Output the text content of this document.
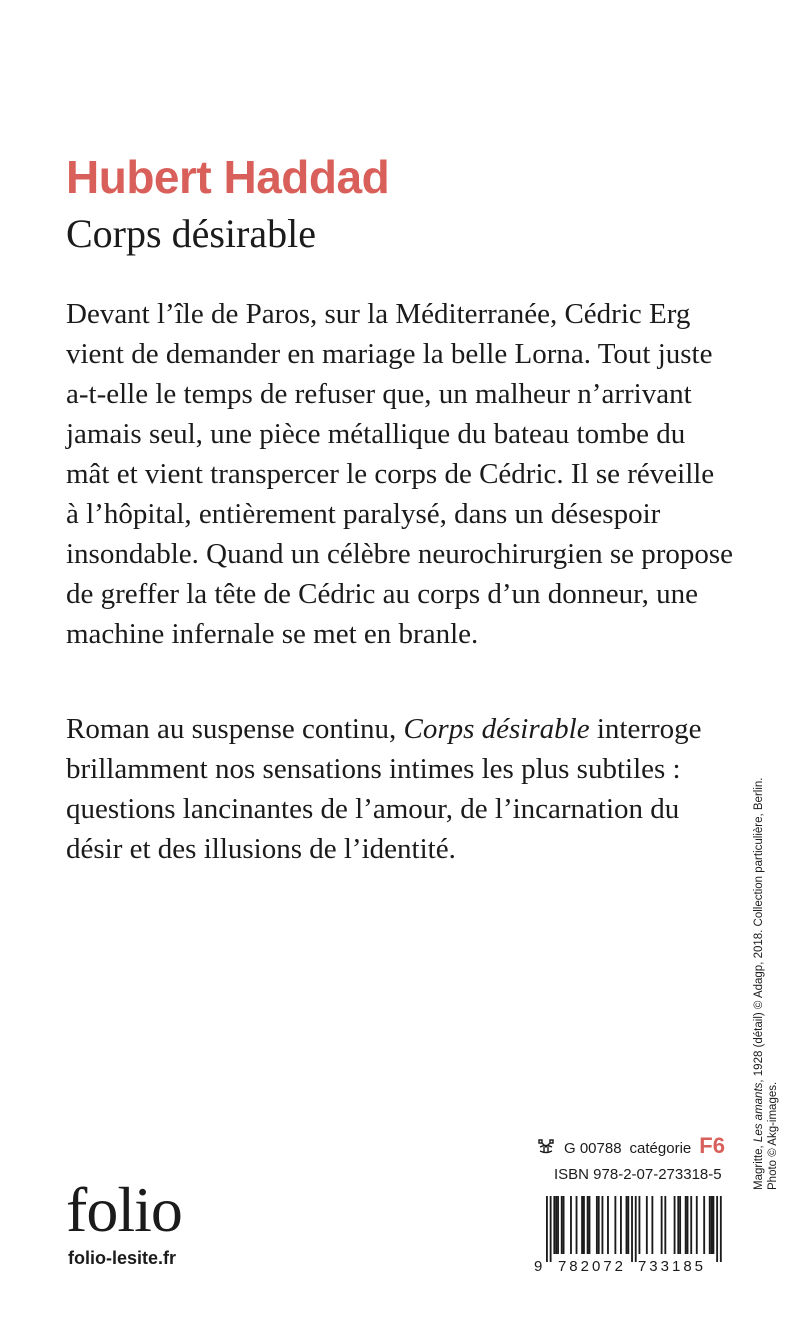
Hubert Haddad
Corps désirable

Devant l’île de Paros, sur la Méditerranée, Cédric Erg
vient de demander en mariage la belle Lorna. Tout juste
a-t-elle le temps de refuser que, un malheur n’arrivant
jamais seul, une pièce métallique du bateau tombe du
mât et vient transpercer le corps de Cédric. Il se réveille
à l’hôpital, entièrement paralysé, dans un désespoir
insondable. Quand un célèbre neurochirurgien se propose
de greffer la tête de Cédric au corps d’un donneur, une
machine infernale se met en branle.

Roman au suspense continu, Corps désirable interroge
brillamment nos sensations intimes les plus subtiles :
questions lancinantes de l’amour, de l’incarnation du
désir et des illusions de l’identité.

Magritte, Les amants, 1928 (détail) © Adagp, 2018. Collection particulière, Berlin.
Photo © Akg-images.
G 00788 catégorie F6
ISBN 978-2-07-273318-5
9 782072 733185
folio
folio-lesite.fr
